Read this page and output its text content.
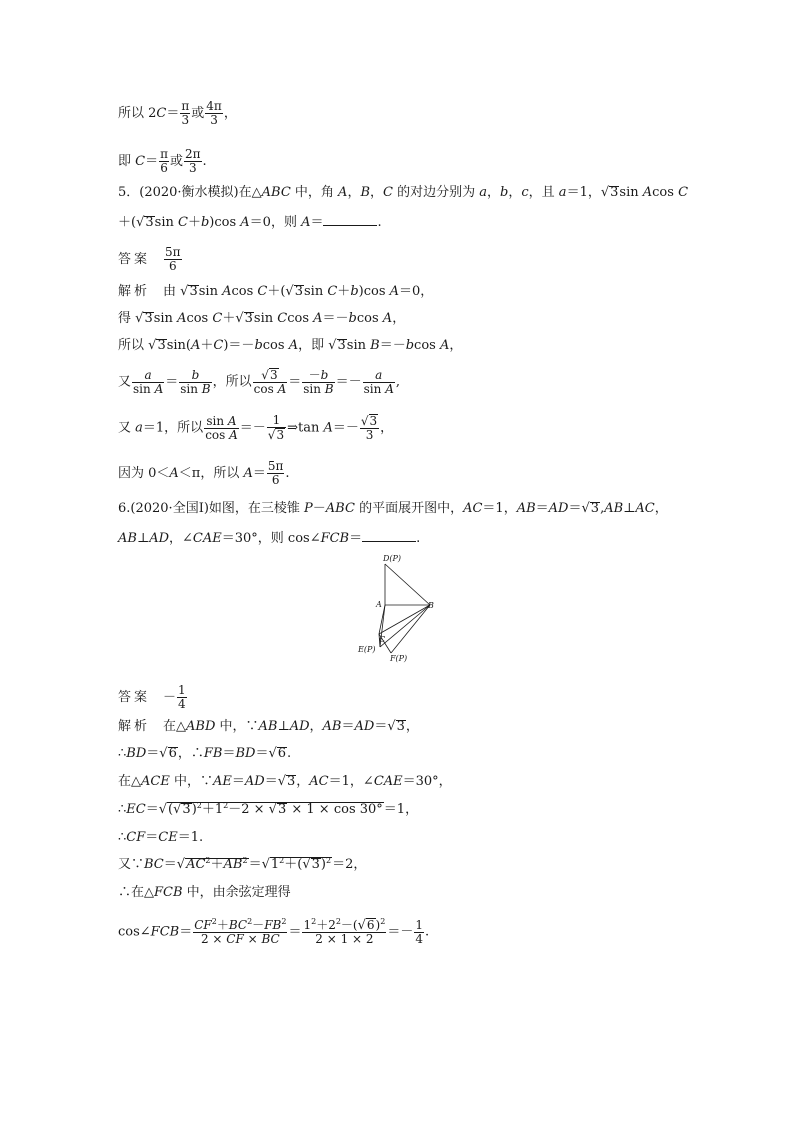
所以 $2C= \frac{\pi}{3}$ 或 $\frac{4\pi}{3}$ ，
即 $C= \frac{\pi}{6}$ 或 $\frac{2\pi}{3}$ .
5．(2020·衡水模拟)在△ABC 中，角 A，B，C 的对边分别为 a，b，c，且 a＝1，√3sin Acos C
＋(√3sin C＋b)cos A＝0，则 A＝	.
答案　 $\frac{5\pi}{6}$
解析　由 √3sin Acos C＋(√3sin C＋b)cos A＝0，
得 √3sin Acos C＋√3sin Ccos A＝－bcos A，
所以 √3sin(A＋C)＝－bcos A，即 √3sin B＝－bcos A，
又 $\frac{a}{\text{sin A}} = \frac{b}{\text{sin B}}$ ，所以 $\frac{√3}{\text{cos A}} = \frac{-b}{\text{sin B}} =- \frac{a}{\text{sin A}}$ ,
又 a＝1，所以 $\frac{\text{sin A}}{\text{cos A}} =- \frac{1}{√3}$ ⇒tan $A=- \frac{√3}{3}$ ，
因为 0＜A＜π，所以 $A= \frac{5\pi}{6}$ .
6.(2020·全国Ⅰ)如图，在三棱锥 P－ABC 的平面展开图中，AC＝1，AB＝AD＝√3,AB⊥AC，
AB⊥AD，∠CAE＝30°，则 cos∠FCB＝	.
D(P)
A	B
C
E(P)
F(P)
答案　－ $\frac{1}{4}$
解析　在△ABD 中，∵AB⊥AD，AB＝AD＝√3，
∴BD＝√6，∴FB＝BD＝√6.
在△ACE 中，∵AE＝AD＝√3，AC＝1，∠CAE＝30°，
$\therefore EC=√(√3)^2+1^2-2 \times √3 \times 1 \times \cos 30^\circ=1$，
∴CF＝CE＝1.
又$\because BC=√AC^2+AB^2=√1^2+(√3)^2=2$，
∴在△FCB 中，由余弦定理得
cos∠FCB＝ $\frac{CF^2+BC^2-FB^2}{2 \times CF \times BC} = \frac{1^2+2^2-(√6)^2}{2 \times 1 \times 2} =- \frac{1}{4}$ .
